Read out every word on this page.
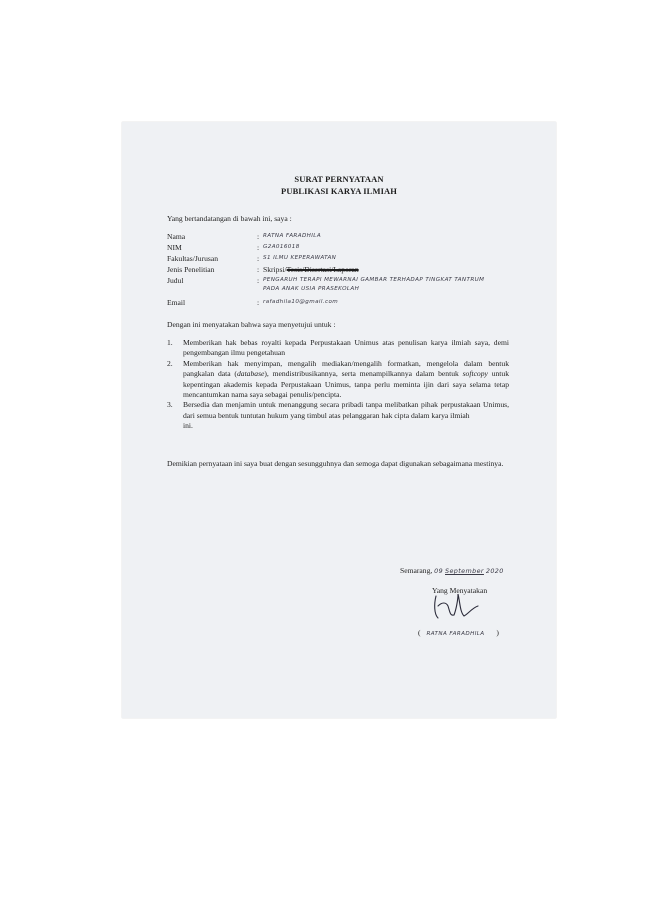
SURAT PERNYATAAN
PUBLIKASI KARYA ILMIAH
Yang bertandatangan di bawah ini, saya :
Nama	: RATNA FARADHILA
NIM	: G2A016018
Fakultas/Jurusan	: S1 ILMU KEPERAWATAN
Jenis Penelitian	: Skripsi/Tesis/Disertasi/Laporan
Judul	: PENGARUH TERAPI MEWARNAI GAMBAR TERHADAP TINGKAT TANTRUM
PADA ANAK USIA PRASEKOLAH
Email	: rafadhila10@gmail.com
Dengan ini menyatakan bahwa saya menyetujui untuk :
1. Memberikan hak bebas royalti kepada Perpustakaan Unimus atas penulisan karya ilmiah saya, demi pengembangan ilmu pengetahuan
2. Memberikan hak menyimpan, mengalih mediakan/mengalih formatkan, mengelola dalam bentuk pangkalan data (database), mendistribusikannya, serta menampilkannya dalam bentuk softcopy untuk kepentingan akademis kepada Perpustakaan Unimus, tanpa perlu meminta ijin dari saya selama tetap mencantumkan nama saya sebagai penulis/pencipta.
3. Bersedia dan menjamin untuk menanggung secara pribadi tanpa melibatkan pihak perpustakaan Unimus, dari semua bentuk tuntutan hukum yang timbul atas pelanggaran hak cipta dalam karya ilmiah
ini.
Demikian pernyataan ini saya buat dengan sesungguhnya dan semoga dapat digunakan sebagaimana mestinya.
Semarang, 09 September 2020
Yang Menyatakan
( RATNA FARADHILA )
